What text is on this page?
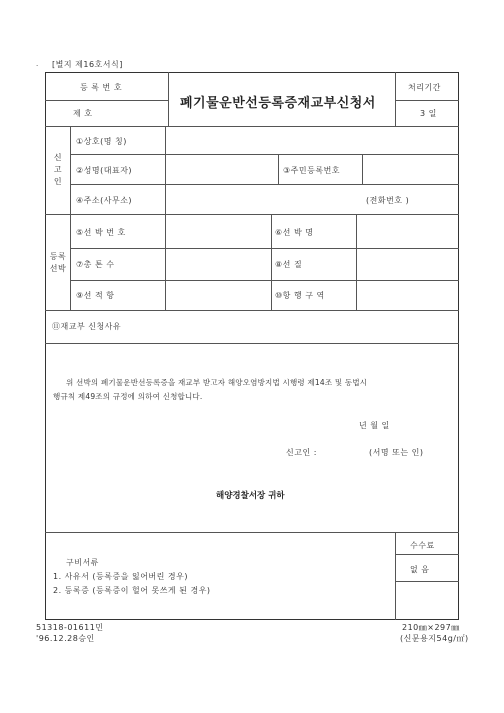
. [별지 제16호서식]
등 록 번 호
제 호
폐기물운반선등록증재교부신청서
처리기간
3 일
신
고
인
①상호(명 칭)
②성명(대표자)	③주민등록번호
④주소(사무소)	(전화번호 )
등록
선박
⑤선 박 번 호	⑥선 박 명
⑦총 톤 수	⑧선 질
⑨선 적 항	⑩항 행 구 역
⑪재교부 신청사유
위 선박의 폐기물운반선등록증을 재교부 받고자 해양오염방지법 시행령 제14조 및 동법시
행규칙 제49조의 규정에 의하여 신청합니다.
년 월 일
신고인 :	(서명 또는 인)
해양경찰서장 귀하
구비서류
1. 사유서 (등록증을 잃어버린 경우)
2. 등록증 (등록증이 헐어 못쓰게 된 경우)
수수료
없 음
51318-01611민
'96.12.28승인
210㎜×297㎜
(신문용지54g/㎡)
